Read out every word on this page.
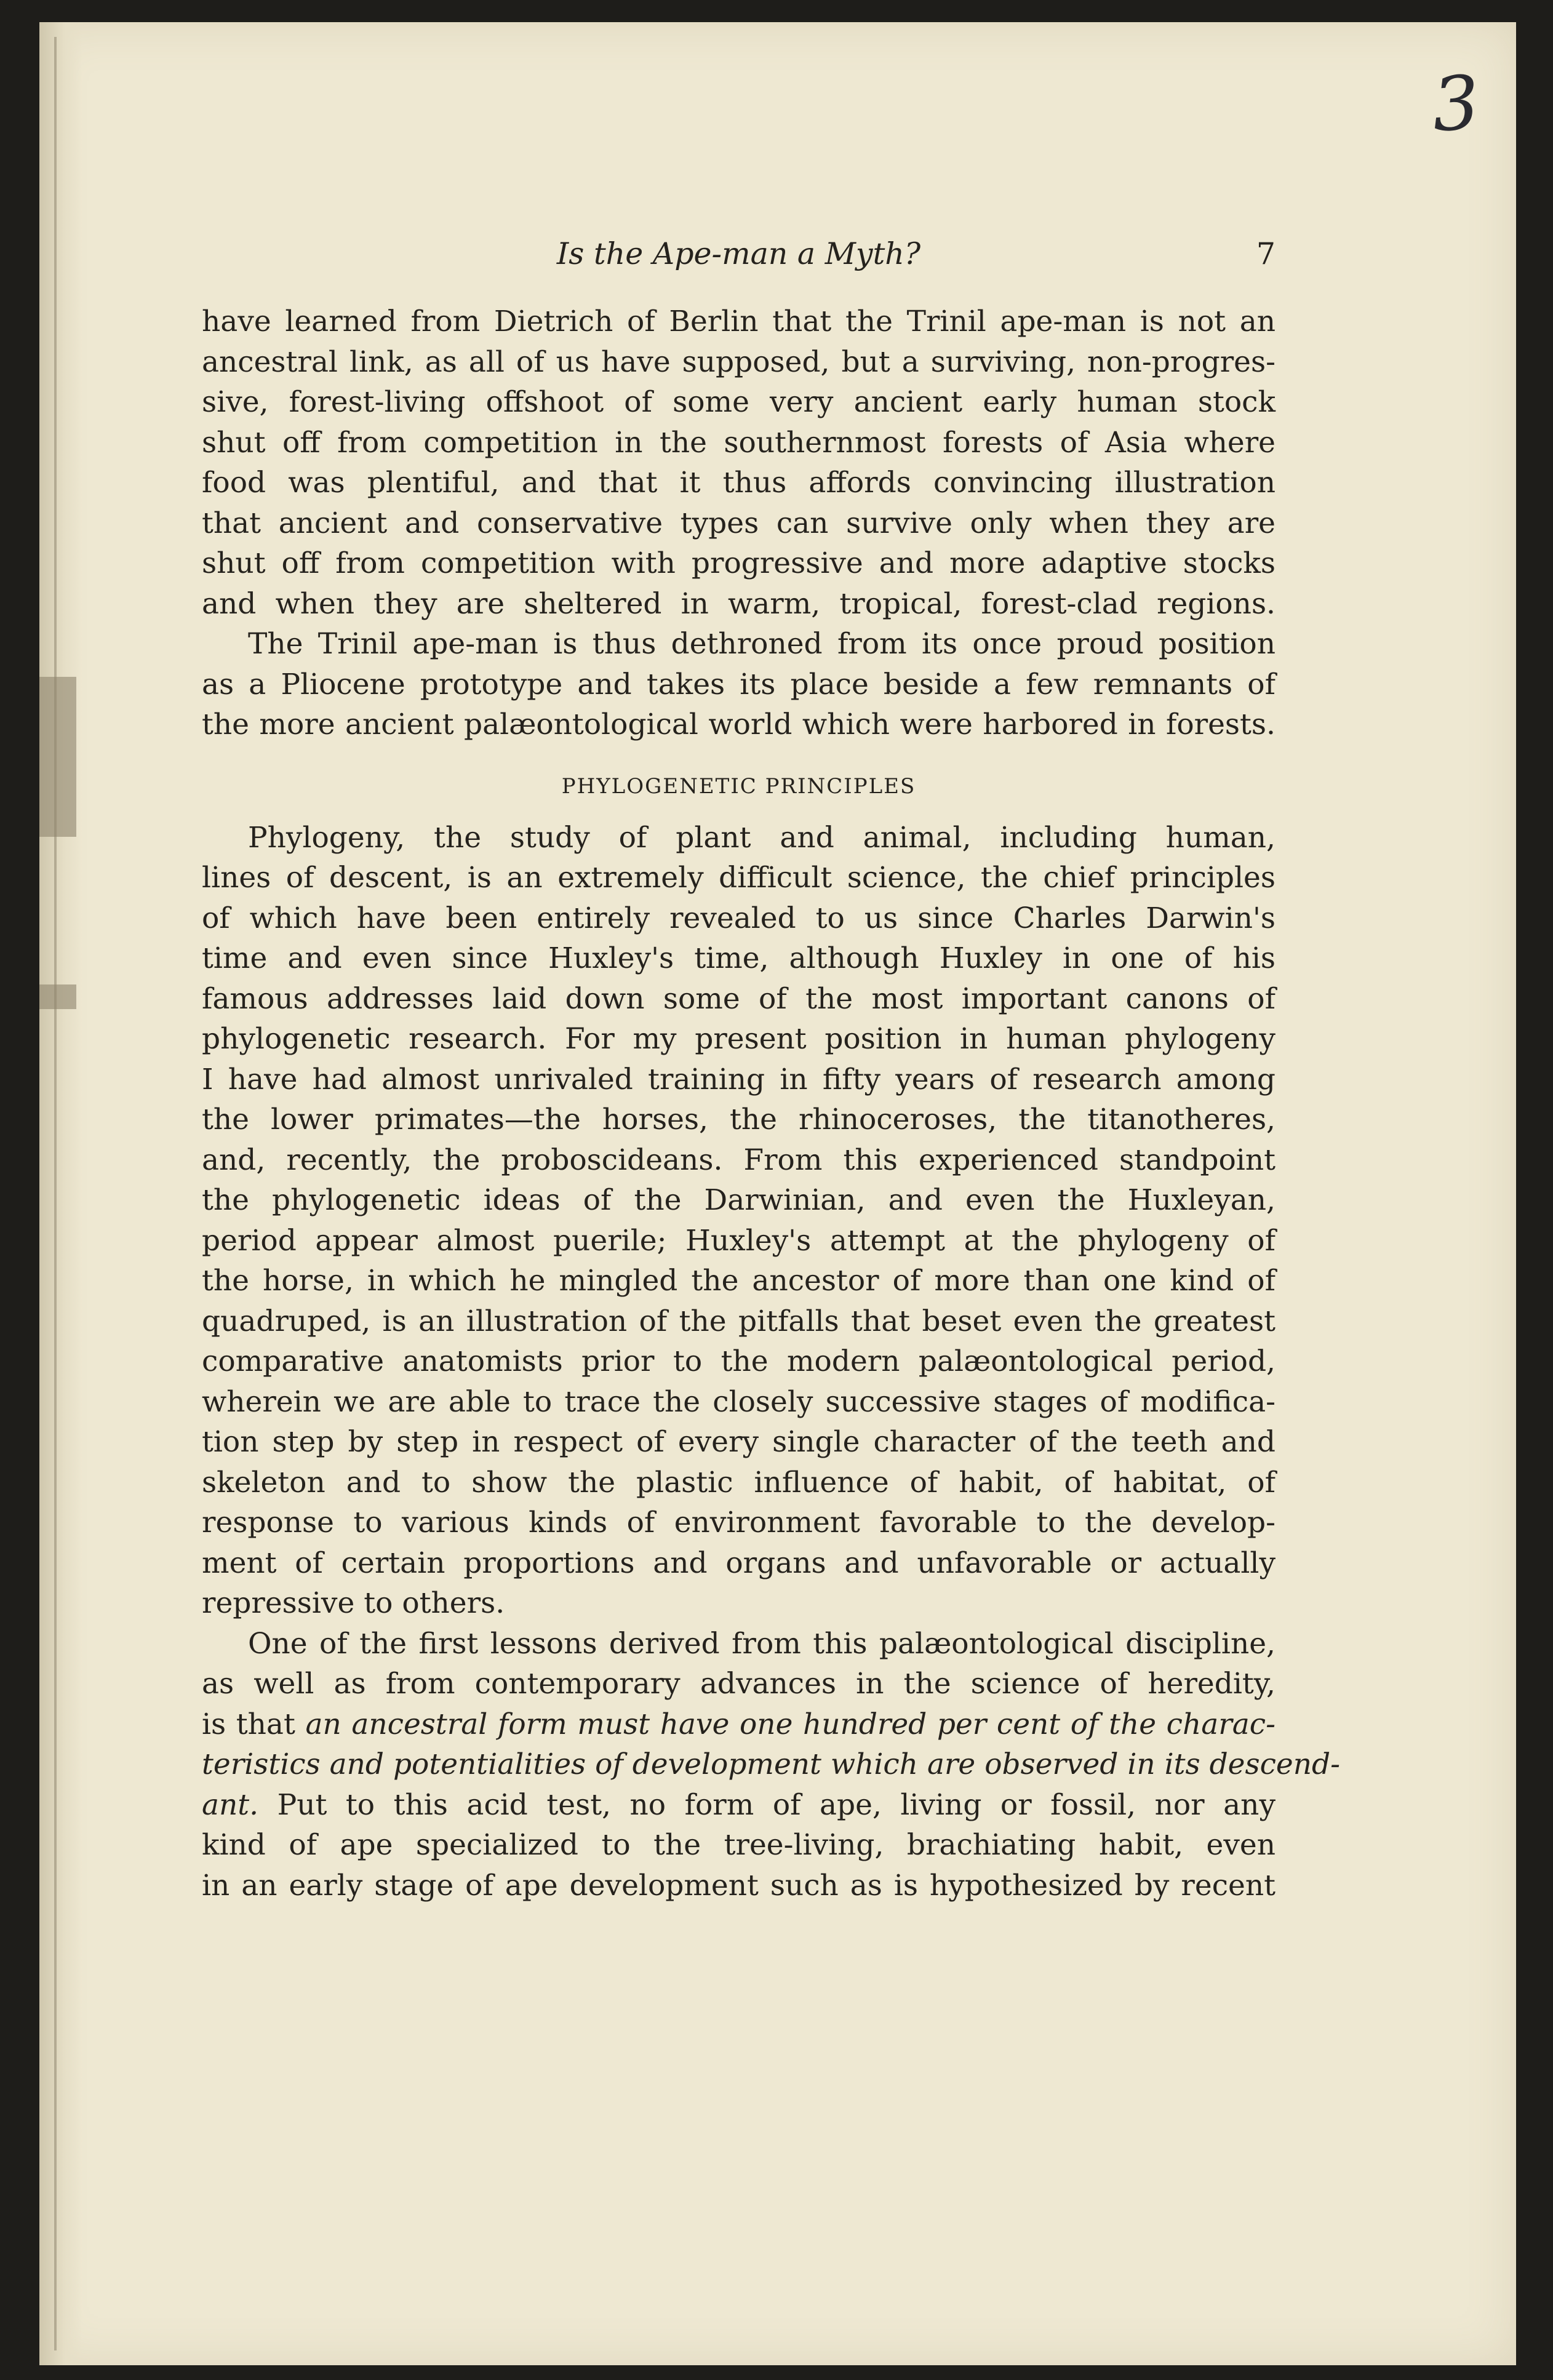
3
Is the Ape-man a Myth?	7

have learned from Dietrich of Berlin that the Trinil ape-man is not an
ancestral link, as all of us have supposed, but a surviving, non-progres-
sive, forest-living offshoot of some very ancient early human stock
shut off from competition in the southernmost forests of Asia where
food was plentiful, and that it thus affords convincing illustration
that ancient and conservative types can survive only when they are
shut off from competition with progressive and more adaptive stocks
and when they are sheltered in warm, tropical, forest-clad regions.

The Trinil ape-man is thus dethroned from its once proud position
as a Pliocene prototype and takes its place beside a few remnants of
the more ancient palæontological world which were harbored in forests.

PHYLOGENETIC PRINCIPLES

Phylogeny, the study of plant and animal, including human,
lines of descent, is an extremely difficult science, the chief principles
of which have been entirely revealed to us since Charles Darwin's
time and even since Huxley's time, although Huxley in one of his
famous addresses laid down some of the most important canons of
phylogenetic research. For my present position in human phylogeny
I have had almost unrivaled training in fifty years of research among
the lower primates—the horses, the rhinoceroses, the titanotheres,
and, recently, the proboscideans. From this experienced standpoint
the phylogenetic ideas of the Darwinian, and even the Huxleyan,
period appear almost puerile; Huxley's attempt at the phylogeny of
the horse, in which he mingled the ancestor of more than one kind of
quadruped, is an illustration of the pitfalls that beset even the greatest
comparative anatomists prior to the modern palæontological period,
wherein we are able to trace the closely successive stages of modifica-
tion step by step in respect of every single character of the teeth and
skeleton and to show the plastic influence of habit, of habitat, of
response to various kinds of environment favorable to the develop-
ment of certain proportions and organs and unfavorable or actually
repressive to others.

One of the first lessons derived from this palæontological discipline,
as well as from contemporary advances in the science of heredity,
is that an ancestral form must have one hundred per cent of the charac-
teristics and potentialities of development which are observed in its descend-
ant. Put to this acid test, no form of ape, living or fossil, nor any
kind of ape specialized to the tree-living, brachiating habit, even
in an early stage of ape development such as is hypothesized by recent
